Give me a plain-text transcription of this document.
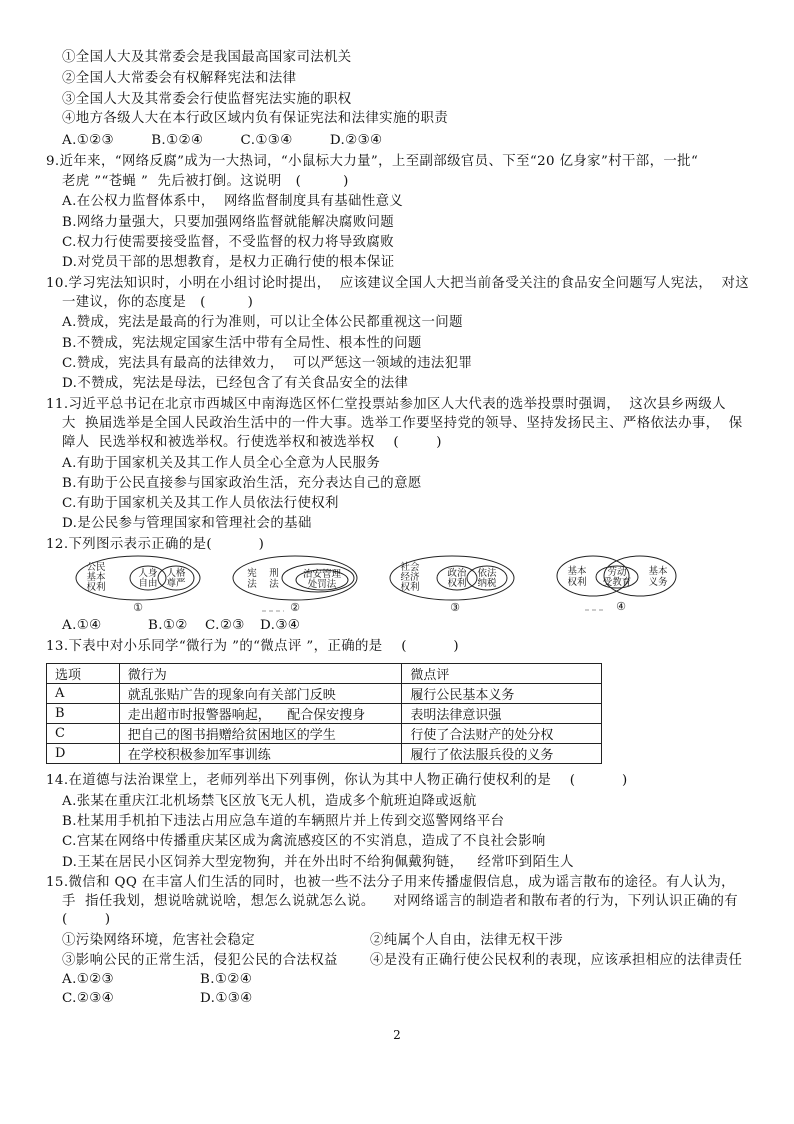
①全国人大及其常委会是我国最高国家司法机关
②全国人大常委会有权解释宪法和法律
③全国人大及其常委会行使监督宪法实施的职权
④地方各级人大在本行政区域内负有保证宪法和法律实施的职责
A.①②③        B.①②④        C.①③④        D.②③④
9.近年来，“网络反腐”成为一大热词，“小鼠标大力量”，上至副部级官员、下至“20 亿身家”村干部，一批“
老虎 ”“苍蝇 ”  先后被打倒。这说明   (         )
A.在公权力监督体系中，  网络监督制度具有基础性意义
B.网络力量强大，只要加强网络监督就能解决腐败问题
C.权力行使需要接受监督，不受监督的权力将导致腐败
D.对党员干部的思想教育，是权力正确行使的根本保证
10.学习宪法知识时，小明在小组讨论时提出，  应该建议全国人大把当前备受关注的食品安全问题写人宪法，  对这
一建议，你的态度是   (         )
A.赞成，宪法是最高的行为准则，可以让全体公民都重视这一问题
B.不赞成，宪法规定国家生活中带有全局性、根本性的问题
C.赞成，宪法具有最高的法律效力，  可以严惩这一领域的违法犯罪
D.不赞成，宪法是母法，已经包含了有关食品安全的法律
11.习近平总书记在北京市西城区中南海选区怀仁堂投票站参加区人大代表的选举投票时强调，  这次县乡两级人
大  换届选举是全国人民政治生活中的一件大事。选举工作要坚持党的领导、坚持发扬民主、严格依法办事，  保
障人  民选举权和被选举权。行使选举权和被选举权    (        )
A.有助于国家机关及其工作人员全心全意为人民服务
B.有助于公民直接参与国家政治生活，充分表达自己的意愿
C.有助于国家机关及其工作人员依法行使权利
D.是公民参与管理国家和管理社会的基础
12.下列图示表示正确的是(          )
公民
基本
权利
人身
自由
人格
尊严
①
宪
法
刑
法
治安管理
处罚法
②
社会
经济
权利
政治
权利
依法
纳税
③
基本
权利
劳动
受教育
基本
义务
④
A.①④	B.①② C.②③ D.③④
13.下表中对小乐同学“微行为 ”的“微点评 ”，正确的是    (          )
选项	微行为	微点评
A	就乱张贴广告的现象向有关部门反映	履行公民基本义务
B	走出超市时报警器响起，    配合保安搜身	表明法律意识强
C	把自己的图书捐赠给贫困地区的学生	行使了合法财产的处分权
D	在学校积极参加军事训练	履行了依法服兵役的义务
14.在道德与法治课堂上，老师列举出下列事例，你认为其中人物正确行使权利的是    (          )
A.张某在重庆江北机场禁飞区放飞无人机，造成多个航班迫降或返航
B.杜某用手机拍下违法占用应急车道的车辆照片并上传到交巡警网络平台
C.宫某在网络中传播重庆某区成为禽流感疫区的不实消息，造成了不良社会影响
D.王某在居民小区饲养大型宠物狗，并在外出时不给狗佩戴狗链，   经常吓到陌生人
15.微信和 QQ 在丰富人们生活的同时，也被一些不法分子用来传播虚假信息，成为谣言散布的途径。有人认为，
手  指任我划，想说啥就说啥，想怎么说就怎么说。    对网络谣言的制造者和散布者的行为，下列认识正确的有
(        )
①污染网络环境，危害社会稳定	②纯属个人自由，法律无权干涉
③影响公民的正常生活，侵犯公民的合法权益 ④是没有正确行使公民权利的表现，应该承担相应的法律责任
A.①②③	B.①②④
C.②③④	D.①③④
2
